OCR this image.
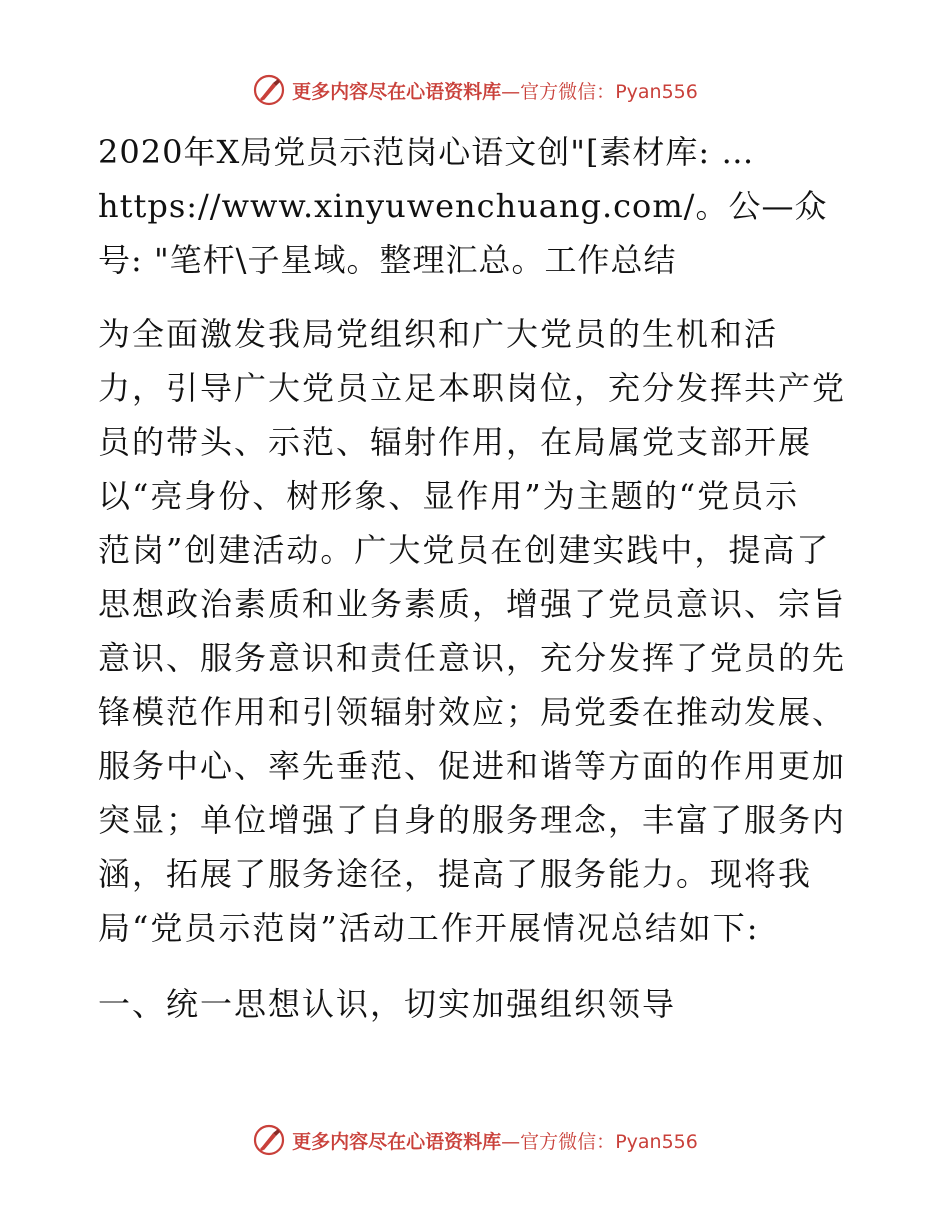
更多内容尽在心语资料库—官方微信：Pyan556
2020年X局党员示范岗心语文创"[素材库: …
https://www.xinyuwenchuang.com/。公—众
号: "笔杆\子星域。整理汇总。工作总结
为全面激发我局党组织和广大党员的生机和活
力，引导广大党员立足本职岗位，充分发挥共产党
员的带头、示范、辐射作用，在局属党支部开展
以“亮身份、树形象、显作用”为主题的“党员示
范岗”创建活动。广大党员在创建实践中，提高了
思想政治素质和业务素质，增强了党员意识、宗旨
意识、服务意识和责任意识，充分发挥了党员的先
锋模范作用和引领辐射效应；局党委在推动发展、
服务中心、率先垂范、促进和谐等方面的作用更加
突显；单位增强了自身的服务理念，丰富了服务内
涵，拓展了服务途径，提高了服务能力。现将我
局“党员示范岗”活动工作开展情况总结如下:
一、统一思想认识，切实加强组织领导
更多内容尽在心语资料库—官方微信：Pyan556
